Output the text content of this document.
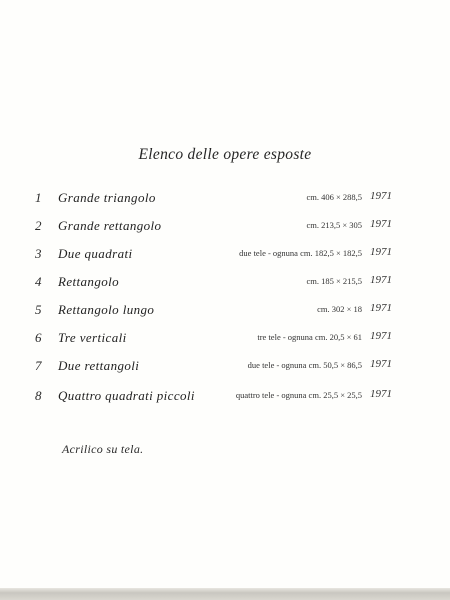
Elenco delle opere esposte
1 Grande triangolo	cm. 406 × 288,5 1971
2 Grande rettangolo	cm. 213,5 × 305 1971
3 Due quadrati	due tele - ognuna cm. 182,5 × 182,5 1971
4 Rettangolo	cm. 185 × 215,5 1971
5 Rettangolo lungo	cm. 302 × 18 1971
6 Tre verticali	tre tele - ognuna cm. 20,5 × 61 1971
7 Due rettangoli	due tele - ognuna cm. 50,5 × 86,5 1971
8 Quattro quadrati piccoli	quattro tele - ognuna cm. 25,5 × 25,5 1971
Acrilico su tela.
